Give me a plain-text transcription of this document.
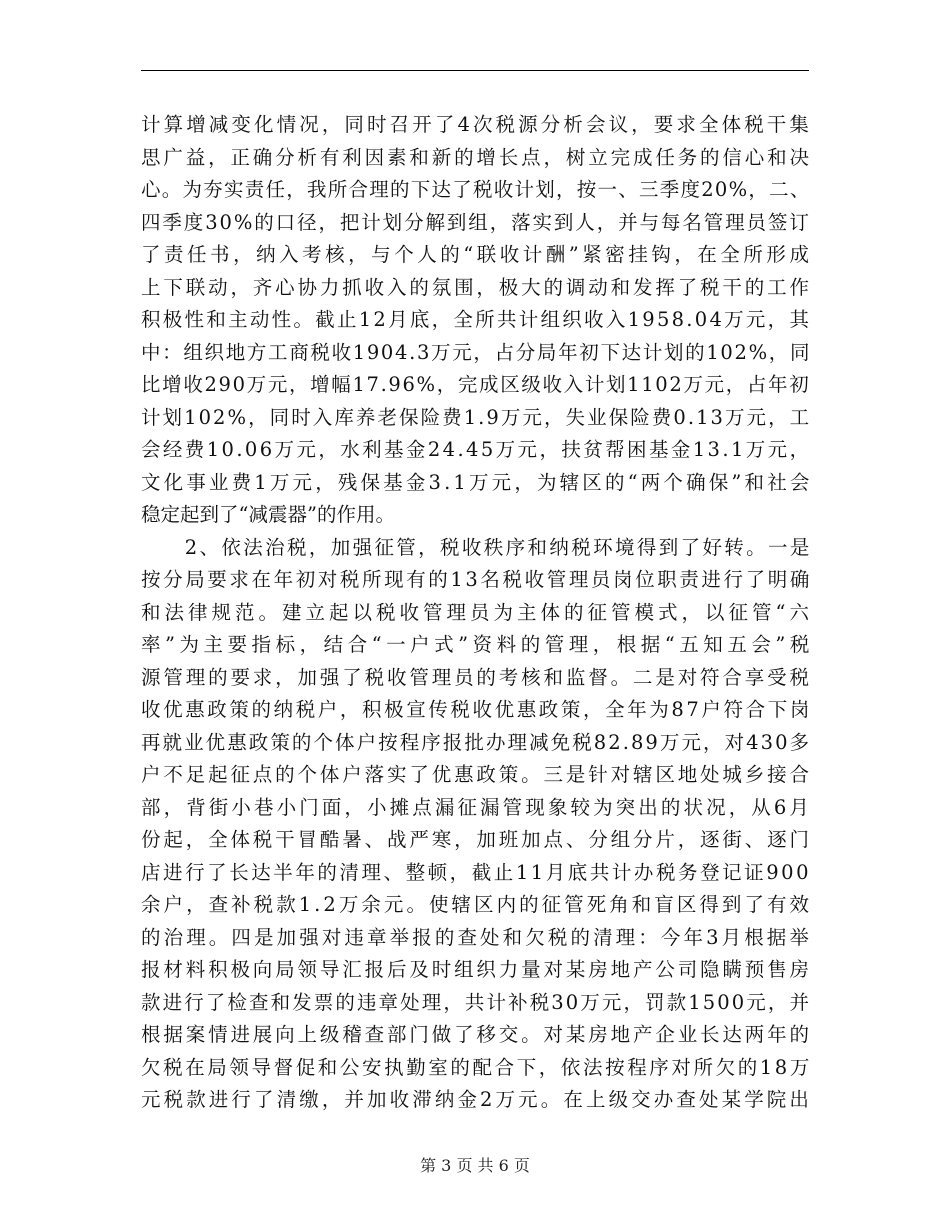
计算增减变化情况，同时召开了4次税源分析会议，要求全体税干集
思广益，正确分析有利因素和新的增长点，树立完成任务的信心和决
心。为夯实责任，我所合理的下达了税收计划，按一、三季度20%，二、
四季度30%的口径，把计划分解到组，落实到人，并与每名管理员签订
了责任书，纳入考核，与个人的“联收计酬”紧密挂钩，在全所形成
上下联动，齐心协力抓收入的氛围，极大的调动和发挥了税干的工作
积极性和主动性。截止12月底，全所共计组织收入1958.04万元，其
中：组织地方工商税收1904.3万元，占分局年初下达计划的102%，同
比增收290万元，增幅17.96%，完成区级收入计划1102万元，占年初
计划102%，同时入库养老保险费1.9万元，失业保险费0.13万元，工
会经费10.06万元，水利基金24.45万元，扶贫帮困基金13.1万元，
文化事业费1万元，残保基金3.1万元，为辖区的“两个确保”和社会
稳定起到了“减震器”的作用。
　　2、依法治税，加强征管，税收秩序和纳税环境得到了好转。一是
按分局要求在年初对税所现有的13名税收管理员岗位职责进行了明确
和法律规范。建立起以税收管理员为主体的征管模式，以征管“六
率”为主要指标，结合“一户式”资料的管理，根据“五知五会”税
源管理的要求，加强了税收管理员的考核和监督。二是对符合享受税
收优惠政策的纳税户，积极宣传税收优惠政策，全年为87户符合下岗
再就业优惠政策的个体户按程序报批办理减免税82.89万元，对430多
户不足起征点的个体户落实了优惠政策。三是针对辖区地处城乡接合
部，背街小巷小门面，小摊点漏征漏管现象较为突出的状况，从6月
份起，全体税干冒酷暑、战严寒，加班加点、分组分片，逐街、逐门
店进行了长达半年的清理、整顿，截止11月底共计办税务登记证900
余户，查补税款1.2万余元。使辖区内的征管死角和盲区得到了有效
的治理。四是加强对违章举报的查处和欠税的清理：今年3月根据举
报材料积极向局领导汇报后及时组织力量对某房地产公司隐瞒预售房
款进行了检查和发票的违章处理，共计补税30万元，罚款1500元，并
根据案情进展向上级稽查部门做了移交。对某房地产企业长达两年的
欠税在局领导督促和公安执勤室的配合下，依法按程序对所欠的18万
元税款进行了清缴，并加收滞纳金2万元。在上级交办查处某学院出
第 3 页 共 6 页
